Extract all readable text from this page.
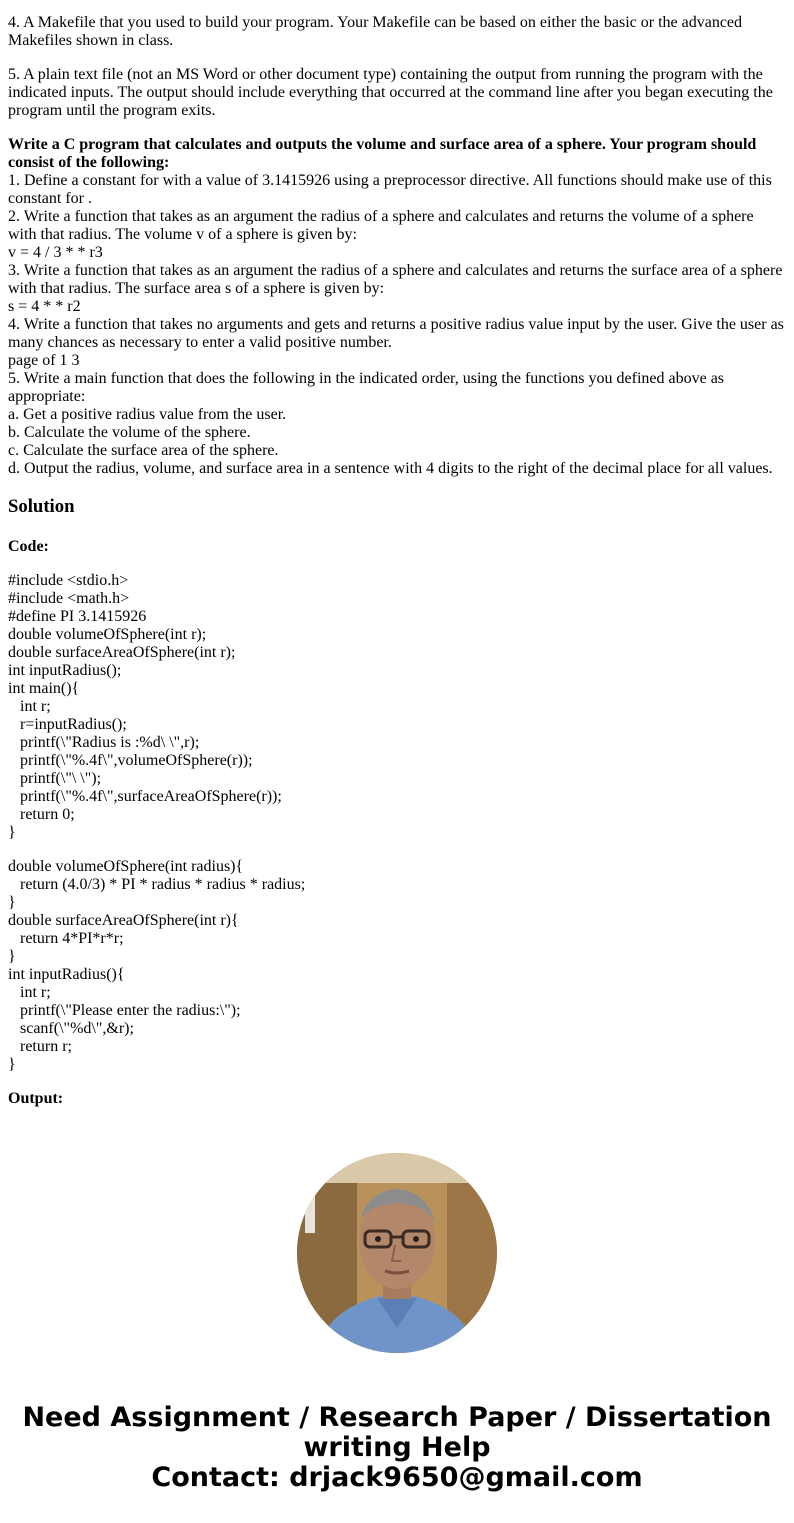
4. A Makefile that you used to build your program. Your Makefile can be based on either the basic or the advanced Makefiles shown in class.

5. A plain text file (not an MS Word or other document type) containing the output from running the program with the indicated inputs. The output should include everything that occurred at the command line after you began executing the program until the program exits.

Write a C program that calculates and outputs the volume and surface area of a sphere. Your program should consist of the following:
1. Define a constant for with a value of 3.1415926 using a preprocessor directive. All functions should make use of this constant for .
2. Write a function that takes as an argument the radius of a sphere and calculates and returns the volume of a sphere with that radius. The volume v of a sphere is given by:
v = 4 / 3 * * r3
3. Write a function that takes as an argument the radius of a sphere and calculates and returns the surface area of a sphere with that radius. The surface area s of a sphere is given by:
s = 4 * * r2
4. Write a function that takes no arguments and gets and returns a positive radius value input by the user. Give the user as many chances as necessary to enter a valid positive number.
page of 1 3
5. Write a main function that does the following in the indicated order, using the functions you defined above as appropriate:
a. Get a positive radius value from the user.
b. Calculate the volume of the sphere.
c. Calculate the surface area of the sphere.
d. Output the radius, volume, and surface area in a sentence with 4 digits to the right of the decimal place for all values.
Solution

Code:

#include <stdio.h>
#include <math.h>
#define PI 3.1415926
double volumeOfSphere(int r);
double surfaceAreaOfSphere(int r);
int inputRadius();
int main(){
int r;
r=inputRadius();
printf(\"Radius is :%d\ \",r);
printf(\"%.4f\",volumeOfSphere(r));
printf(\"\ \");
printf(\"%.4f\",surfaceAreaOfSphere(r));
return 0;
}
double volumeOfSphere(int radius){
return (4.0/3) * PI * radius * radius * radius;
}
double surfaceAreaOfSphere(int r){
return 4*PI*r*r;
}
int inputRadius(){
int r;
printf(\"Please enter the radius:\");
scanf(\"%d\",&r);
return r;
}

Output:

Need Assignment / Research Paper / Dissertation
writing Help
Contact: drjack9650@gmail.com
